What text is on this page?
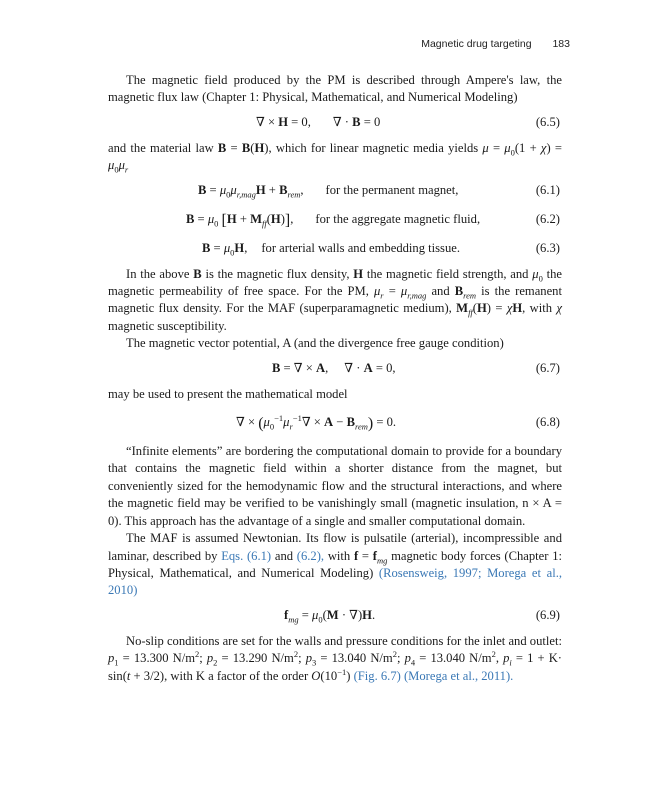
Magnetic drug targeting 183

The magnetic field produced by the PM is described through Ampere's law, the magnetic flux law (Chapter 1: Physical, Mathematical, and Numerical Modeling)

∇ × H = 0, ∇ · B = 0	(6.5)

and the material law B = B(H), which for linear magnetic media yields $\mu = \mu_0(1 + \chi) = \mu_0\mu_r$

$B = \mu_0\mu_{r,mag}H + B_{rem}$, for the permanent magnet,	(6.1)
$B = \mu_0$ $[H + M_{ff}(H)]$, for the aggregate magnetic fluid,	(6.2)
$B = \mu_0H$, for arterial walls and embedding tissue.	(6.3)

In the above B is the magnetic flux density, H the magnetic field strength, and $\mu_0$ the magnetic permeability of free space. For the PM, $\mu_r = \mu_{r,mag}$ and $B_{rem}$ is the remanent magnetic flux density. For the MAF (superparamagnetic medium), $M_{ff}(H) = \chi H$, with χ magnetic susceptibility.

The magnetic vector potential, A (and the divergence free gauge condition)

B = ∇ × A, ∇ · A = 0,	(6.7)

may be used to present the mathematical model

∇ × $(\mu_0^{-1}\mu_r^{-1}\nabla \times A - B_{rem}) = 0$.	(6.8)

“Infinite elements” are bordering the computational domain to provide for a boundary that contains the magnetic field within a shorter distance from the magnet, but conveniently sized for the hemodynamic flow and the structural interactions, and where the magnetic field may be verified to be vanishingly small (magnetic insulation, n × A = 0). This approach has the advantage of a single and smaller computational domain.

The MAF is assumed Newtonian. Its flow is pulsatile (arterial), incompressible and laminar, described by Eqs. (6.1) and (6.2), with $f = f_{mg}$ magnetic body forces (Chapter 1: Physical, Mathematical, and Numerical Modeling) (Rosensweig, 1997; Morega et al., 2010)

$f_{mg} = \mu_0(M \cdot \nabla)H$.	(6.9)

No-slip conditions are set for the walls and pressure conditions for the inlet and outlet: $p_1 = 13.300$ $N/m^2$; $p_2 = 13.290$ $N/m^2$; $p_3 = 13.040$ $N/m^2$; $p_4 = 13.040$ $N/m^2$, $p_i = 1 + K\cdot \sin(t + 3/2)$, with K a factor of the order $O(10^{-1})$ (Fig. 6.7) (Morega et al., 2011).
